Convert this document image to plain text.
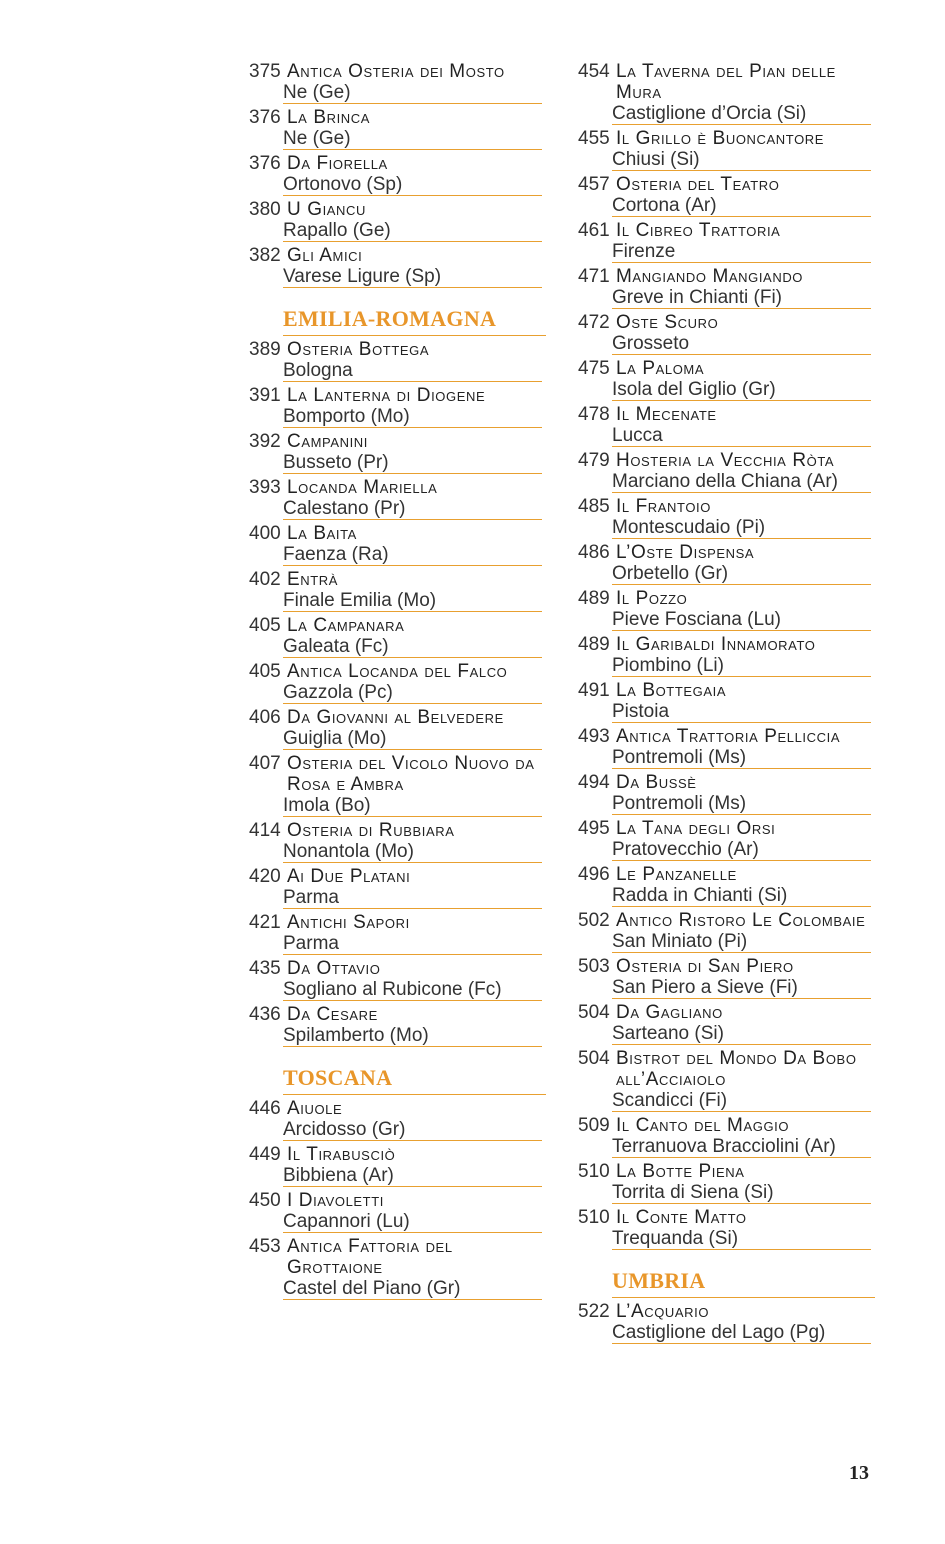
375 Antica Osteria dei Mosto
Ne (Ge)
376 La Brinca
Ne (Ge)
376 Da Fiorella
Ortonovo (Sp)
380 U Giancu
Rapallo (Ge)
382 Gli Amici
Varese Ligure (Sp)
EMILIA-ROMAGNA
389 Osteria Bottega
Bologna
391 La Lanterna di Diogene
Bomporto (Mo)
392 Campanini
Busseto (Pr)
393 Locanda Mariella
Calestano (Pr)
400 La Baita
Faenza (Ra)
402 Entrà
Finale Emilia (Mo)
405 La Campanara
Galeata (Fc)
405 Antica Locanda del Falco
Gazzola (Pc)
406 Da Giovanni al Belvedere
Guiglia (Mo)
407 Osteria del Vicolo Nuovo da Rosa e Ambra
Imola (Bo)
414 Osteria di Rubbiara
Nonantola (Mo)
420 Ai Due Platani
Parma
421 Antichi Sapori
Parma
435 Da Ottavio
Sogliano al Rubicone (Fc)
436 Da Cesare
Spilamberto (Mo)
TOSCANA
446 Aiuole
Arcidosso (Gr)
449 Il Tirabusciò
Bibbiena (Ar)
450 I Diavoletti
Capannori (Lu)
453 Antica Fattoria del Grottaione
Castel del Piano (Gr)
454 La Taverna del Pian delle Mura
Castiglione d’Orcia (Si)
455 Il Grillo è Buoncantore
Chiusi (Si)
457 Osteria del Teatro
Cortona (Ar)
461 Il Cibreo Trattoria
Firenze
471 Mangiando Mangiando
Greve in Chianti (Fi)
472 Oste Scuro
Grosseto
475 La Paloma
Isola del Giglio (Gr)
478 Il Mecenate
Lucca
479 Hosteria la Vecchia Ròta
Marciano della Chiana (Ar)
485 Il Frantoio
Montescudaio (Pi)
486 L’Oste Dispensa
Orbetello (Gr)
489 Il Pozzo
Pieve Fosciana (Lu)
489 Il Garibaldi Innamorato
Piombino (Li)
491 La Bottegaia
Pistoia
493 Antica Trattoria Pelliccia
Pontremoli (Ms)
494 Da Bussè
Pontremoli (Ms)
495 La Tana degli Orsi
Pratovecchio (Ar)
496 Le Panzanelle
Radda in Chianti (Si)
502 Antico Ristoro Le Colombaie
San Miniato (Pi)
503 Osteria di San Piero
San Piero a Sieve (Fi)
504 Da Gagliano
Sarteano (Si)
504 Bistrot del Mondo Da Bobo all’Acciaiolo
Scandicci (Fi)
509 Il Canto del Maggio
Terranuova Bracciolini (Ar)
510 La Botte Piena
Torrita di Siena (Si)
510 Il Conte Matto
Trequanda (Si)
UMBRIA
522 L’Acquario
Castiglione del Lago (Pg)
13
